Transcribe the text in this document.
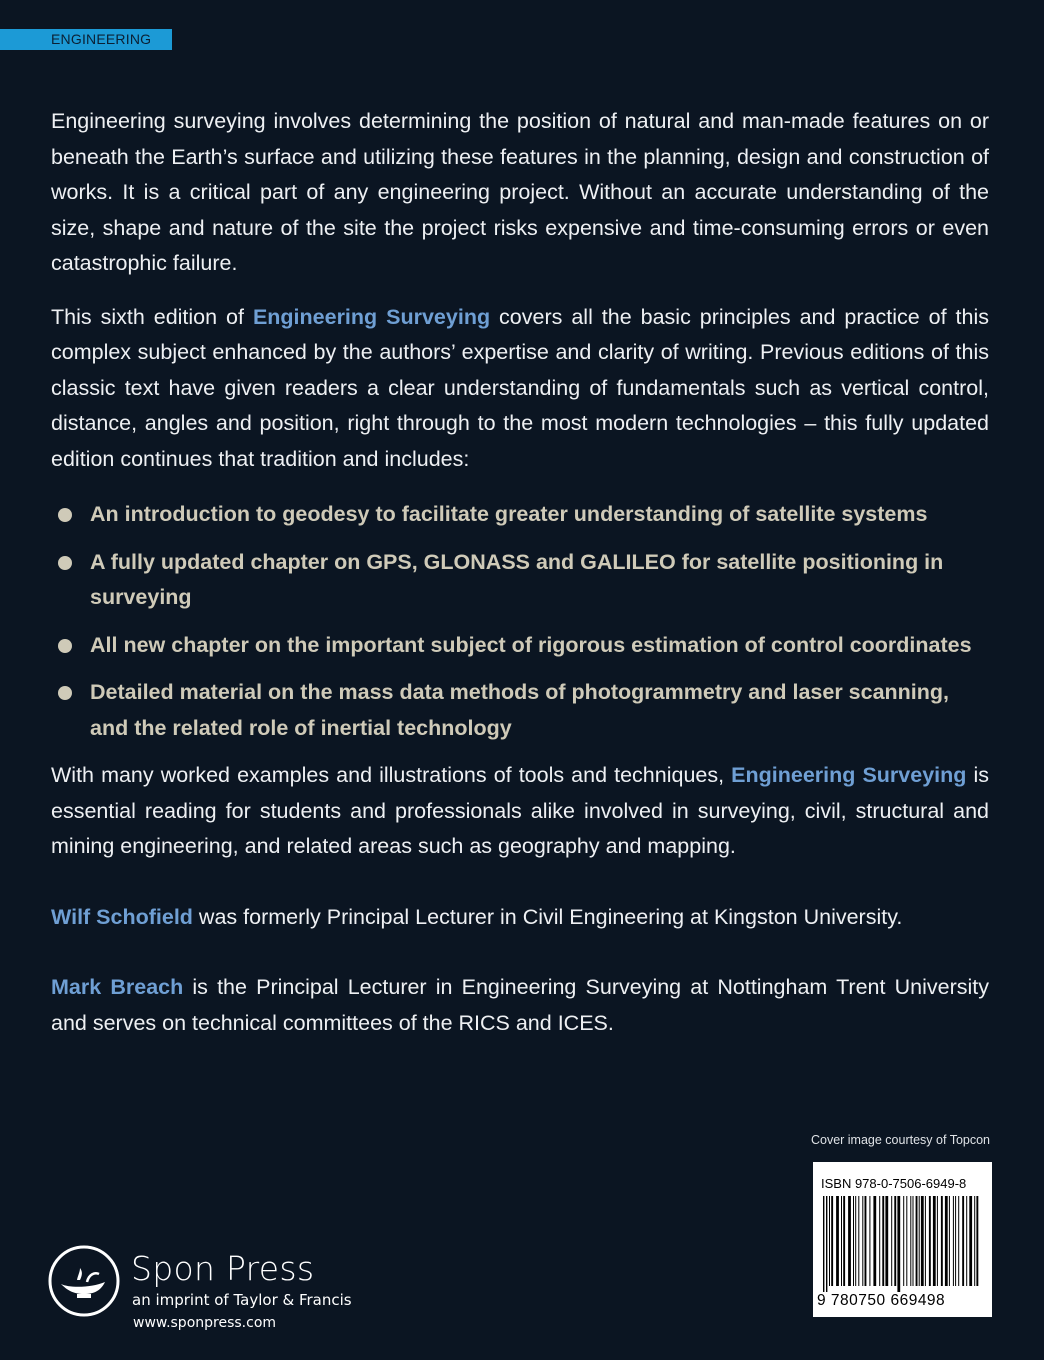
ENGINEERING

Engineering surveying involves determining the position of natural and man-made features on or beneath the Earth’s surface and utilizing these features in the planning, design and construction of works. It is a critical part of any engineering project. Without an accurate understanding of the size, shape and nature of the site the project risks expensive and time-consuming errors or even catastrophic failure.

This sixth edition of Engineering Surveying covers all the basic principles and practice of this complex subject enhanced by the authors’ expertise and clarity of writing. Previous editions of this classic text have given readers a clear understanding of fundamentals such as vertical control, distance, angles and position, right through to the most modern technologies – this fully updated edition continues that tradition and includes:

An introduction to geodesy to facilitate greater understanding of satellite systems
A fully updated chapter on GPS, GLONASS and GALILEO for satellite positioning in surveying
All new chapter on the important subject of rigorous estimation of control coordinates
Detailed material on the mass data methods of photogrammetry and laser scanning, and the related role of inertial technology

With many worked examples and illustrations of tools and techniques, Engineering Surveying is essential reading for students and professionals alike involved in surveying, civil, structural and mining engineering, and related areas such as geography and mapping.

Wilf Schofield was formerly Principal Lecturer in Civil Engineering at Kingston University.

Mark Breach is the Principal Lecturer in Engineering Surveying at Nottingham Trent University and serves on technical committees of the RICS and ICES.

Cover image courtesy of Topcon
ISBN 978-0-7506-6949-8
9 780750 669498
Spon Press
an imprint of Taylor & Francis
www.sponpress.com
